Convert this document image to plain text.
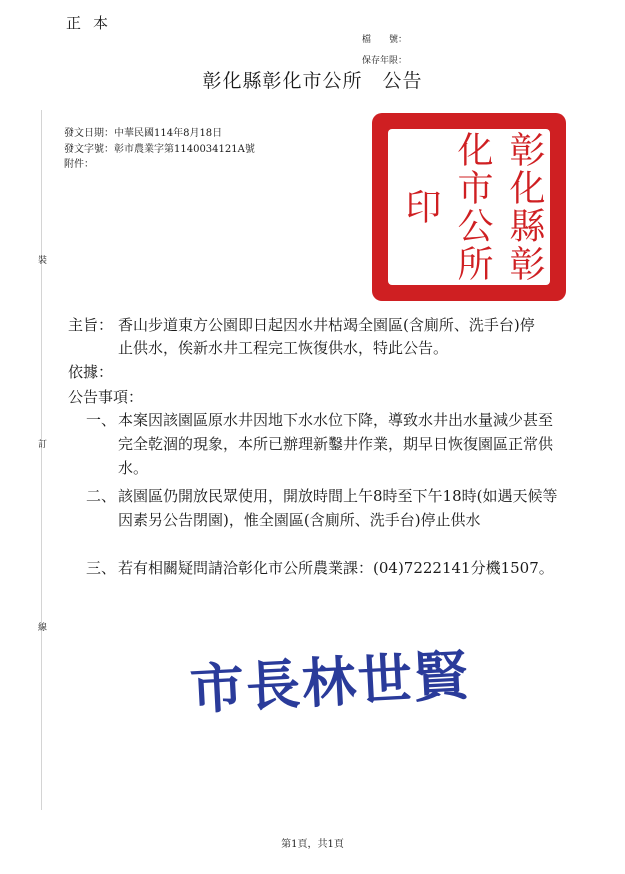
正本
檔　　號：
保存年限：
彰化縣彰化市公所　公告
發文日期：中華民國114年8月18日
發文字號：彰市農業字第1140034121A號
附件：	彰化縣彰化市公所印
裝
訂
線
主旨： 香山步道東方公園即日起因水井枯竭全園區(含廁所、洗手台)停止供水，俟新水井工程完工恢復供水，特此公告。
依據：
公告事項：
一、 本案因該園區原水井因地下水水位下降，導致水井出水量減少甚至完全乾涸的現象，本所已辦理新鑿井作業，期早日恢復園區正常供水。
二、 該園區仍開放民眾使用，開放時間上午8時至下午18時(如遇天候等因素另公告閉園)，惟全園區(含廁所、洗手台)停止供水
三、 若有相關疑問請洽彰化市公所農業課：(04)7222141分機1507。
市長林世賢
第1頁，共1頁
